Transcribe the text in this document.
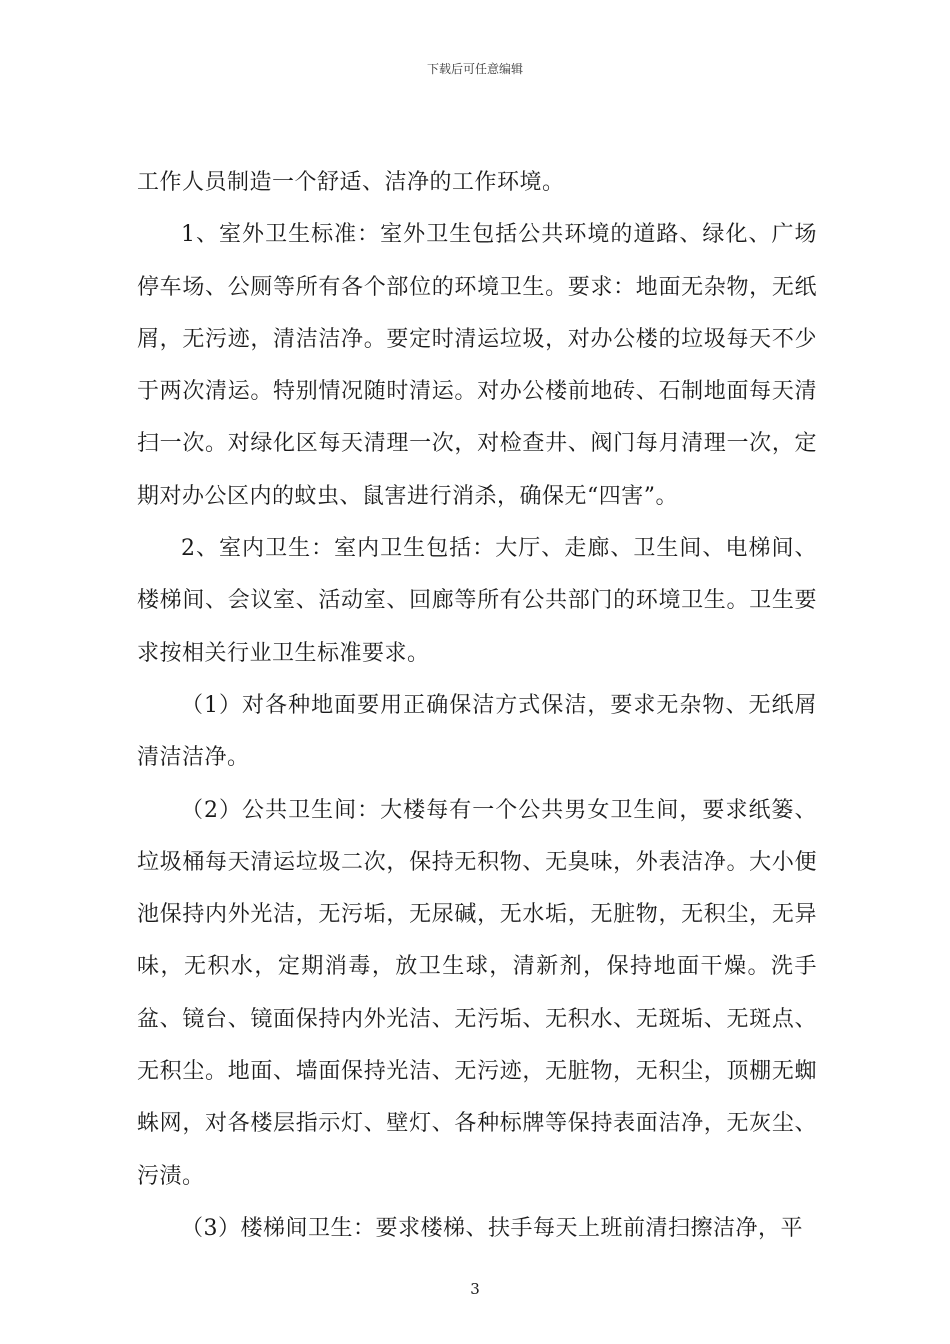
下载后可任意编辑

工作人员制造一个舒适、洁净的工作环境。

1、室外卫生标准：室外卫生包括公共环境的道路、绿化、广场停车场、公厕等所有各个部位的环境卫生。要求：地面无杂物，无纸屑，无污迹，清洁洁净。要定时清运垃圾，对办公楼的垃圾每天不少于两次清运。特别情况随时清运。对办公楼前地砖、石制地面每天清扫一次。对绿化区每天清理一次，对检查井、阀门每月清理一次，定期对办公区内的蚊虫、鼠害进行消杀，确保无“四害”。

2、室内卫生：室内卫生包括：大厅、走廊、卫生间、电梯间、楼梯间、会议室、活动室、回廊等所有公共部门的环境卫生。卫生要求按相关行业卫生标准要求。

（1）对各种地面要用正确保洁方式保洁，要求无杂物、无纸屑清洁洁净。

（2）公共卫生间：大楼每有一个公共男女卫生间，要求纸篓、垃圾桶每天清运垃圾二次，保持无积物、无臭味，外表洁净。大小便池保持内外光洁，无污垢，无尿碱，无水垢，无脏物，无积尘，无异味，无积水，定期消毒，放卫生球，清新剂，保持地面干燥。洗手盆、镜台、镜面保持内外光洁、无污垢、无积水、无斑垢、无斑点、无积尘。地面、墙面保持光洁、无污迹，无脏物，无积尘，顶棚无蜘蛛网，对各楼层指示灯、壁灯、各种标牌等保持表面洁净，无灰尘、污渍。

（3）楼梯间卫生：要求楼梯、扶手每天上班前清扫擦洁净，平

3
